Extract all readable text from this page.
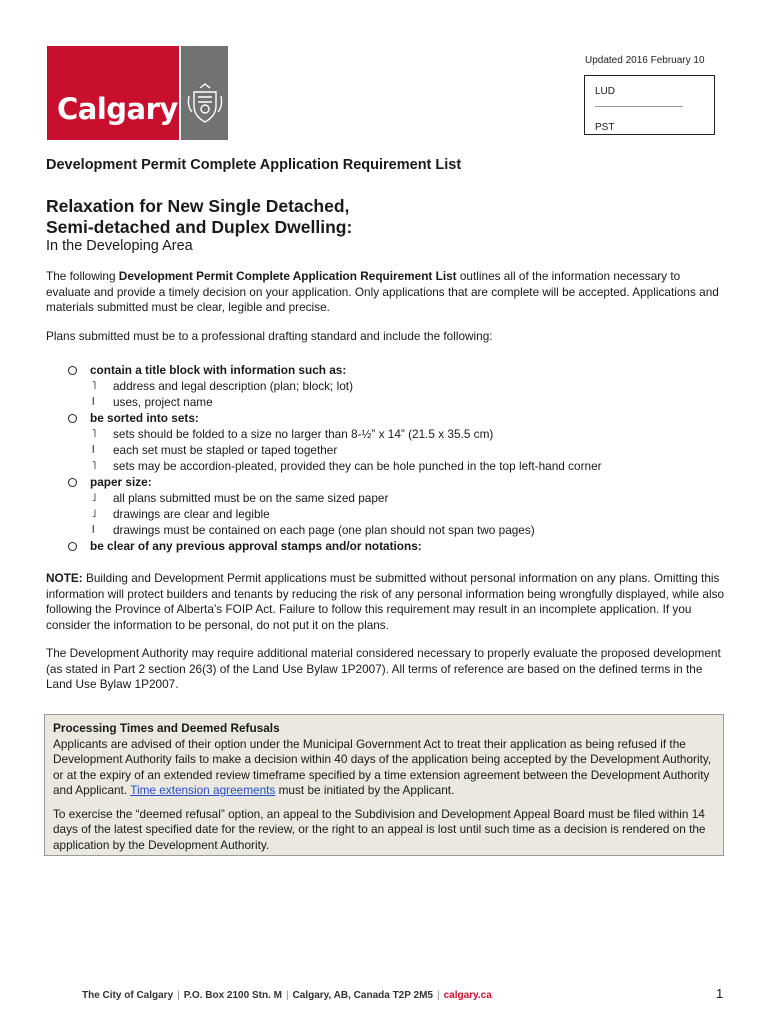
Calgary
Updated 2016 February 10
LUD
PST
Development Permit Complete Application Requirement List
Relaxation for New Single Detached,
Semi-detached and Duplex Dwelling:
In the Developing Area
The following Development Permit Complete Application Requirement List outlines all of the information necessary to evaluate and provide a timely decision on your application. Only applications that are complete will be accepted. Applications and materials submitted must be clear, legible and precise.
Plans submitted must be to a professional drafting standard and include the following:
contain a title block with information such as:
˥ address and legal description (plan; block; lot)
Ɩ uses, project name
be sorted into sets:
˥ sets should be folded to a size no larger than 8-½” x 14” (21.5 x 35.5 cm)
Ɩ each set must be stapled or taped together
˥ sets may be accordion-pleated, provided they can be hole punched in the top left-hand corner
paper size:
˩ all plans submitted must be on the same sized paper
˩ drawings are clear and legible
Ɩ drawings must be contained on each page (one plan should not span two pages)
be clear of any previous approval stamps and/or notations:
NOTE: Building and Development Permit applications must be submitted without personal information on any plans. Omitting this information will protect builders and tenants by reducing the risk of any personal information being wrongfully displayed, while also following the Province of Alberta’s FOIP Act. Failure to follow this requirement may result in an incomplete application. If you consider the information to be personal, do not put it on the plans.
The Development Authority may require additional material considered necessary to properly evaluate the proposed development (as stated in Part 2 section 26(3) of the Land Use Bylaw 1P2007). All terms of reference are based on the defined terms in the Land Use Bylaw 1P2007.
Processing Times and Deemed Refusals
Applicants are advised of their option under the Municipal Government Act to treat their application as being refused if the Development Authority fails to make a decision within 40 days of the application being accepted by the Development Authority, or at the expiry of an extended review timeframe specified by a time extension agreement between the Development Authority and Applicant. Time extension agreements must be initiated by the Applicant.
To exercise the “deemed refusal” option, an appeal to the Subdivision and Development Appeal Board must be filed within 14 days of the latest specified date for the review, or the right to an appeal is lost until such time as a decision is rendered on the application by the Development Authority.
The City of Calgary | P.O. Box 2100 Stn. M | Calgary, AB, Canada T2P 2M5 | calgary.ca	1
